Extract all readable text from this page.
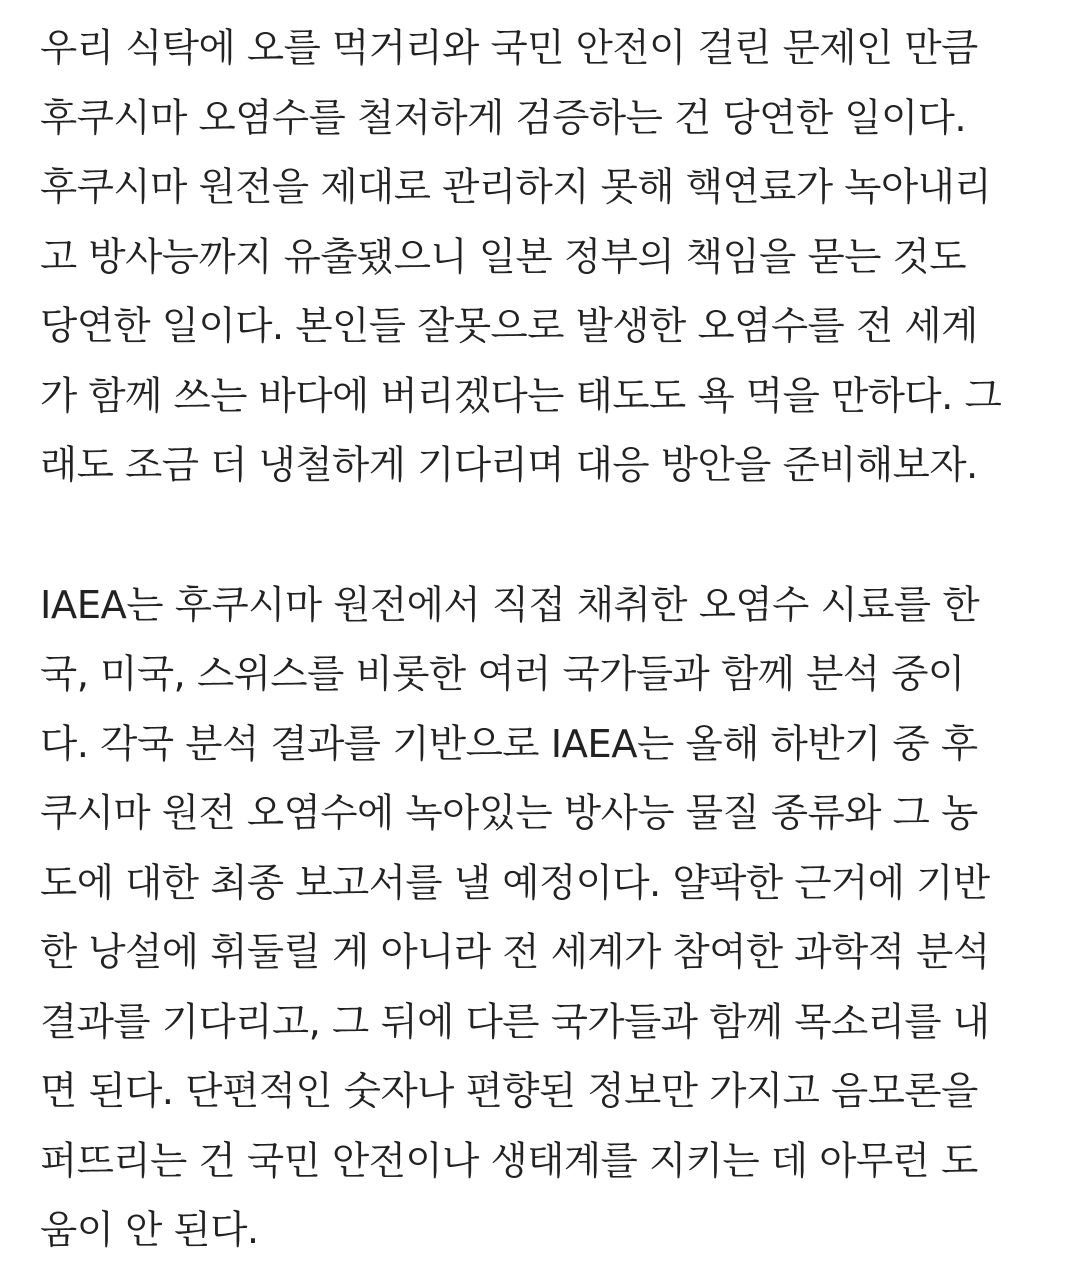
우리 식탁에 오를 먹거리와 국민 안전이 걸린 문제인 만큼
후쿠시마 오염수를 철저하게 검증하는 건 당연한 일이다.
후쿠시마 원전을 제대로 관리하지 못해 핵연료가 녹아내리
고 방사능까지 유출됐으니 일본 정부의 책임을 묻는 것도
당연한 일이다. 본인들 잘못으로 발생한 오염수를 전 세계
가 함께 쓰는 바다에 버리겠다는 태도도 욕 먹을 만하다. 그
래도 조금 더 냉철하게 기다리며 대응 방안을 준비해보자.
IAEA는 후쿠시마 원전에서 직접 채취한 오염수 시료를 한
국, 미국, 스위스를 비롯한 여러 국가들과 함께 분석 중이
다. 각국 분석 결과를 기반으로 IAEA는 올해 하반기 중 후
쿠시마 원전 오염수에 녹아있는 방사능 물질 종류와 그 농
도에 대한 최종 보고서를 낼 예정이다. 얄팍한 근거에 기반
한 낭설에 휘둘릴 게 아니라 전 세계가 참여한 과학적 분석
결과를 기다리고, 그 뒤에 다른 국가들과 함께 목소리를 내
면 된다. 단편적인 숫자나 편향된 정보만 가지고 음모론을
퍼뜨리는 건 국민 안전이나 생태계를 지키는 데 아무런 도
움이 안 된다.
